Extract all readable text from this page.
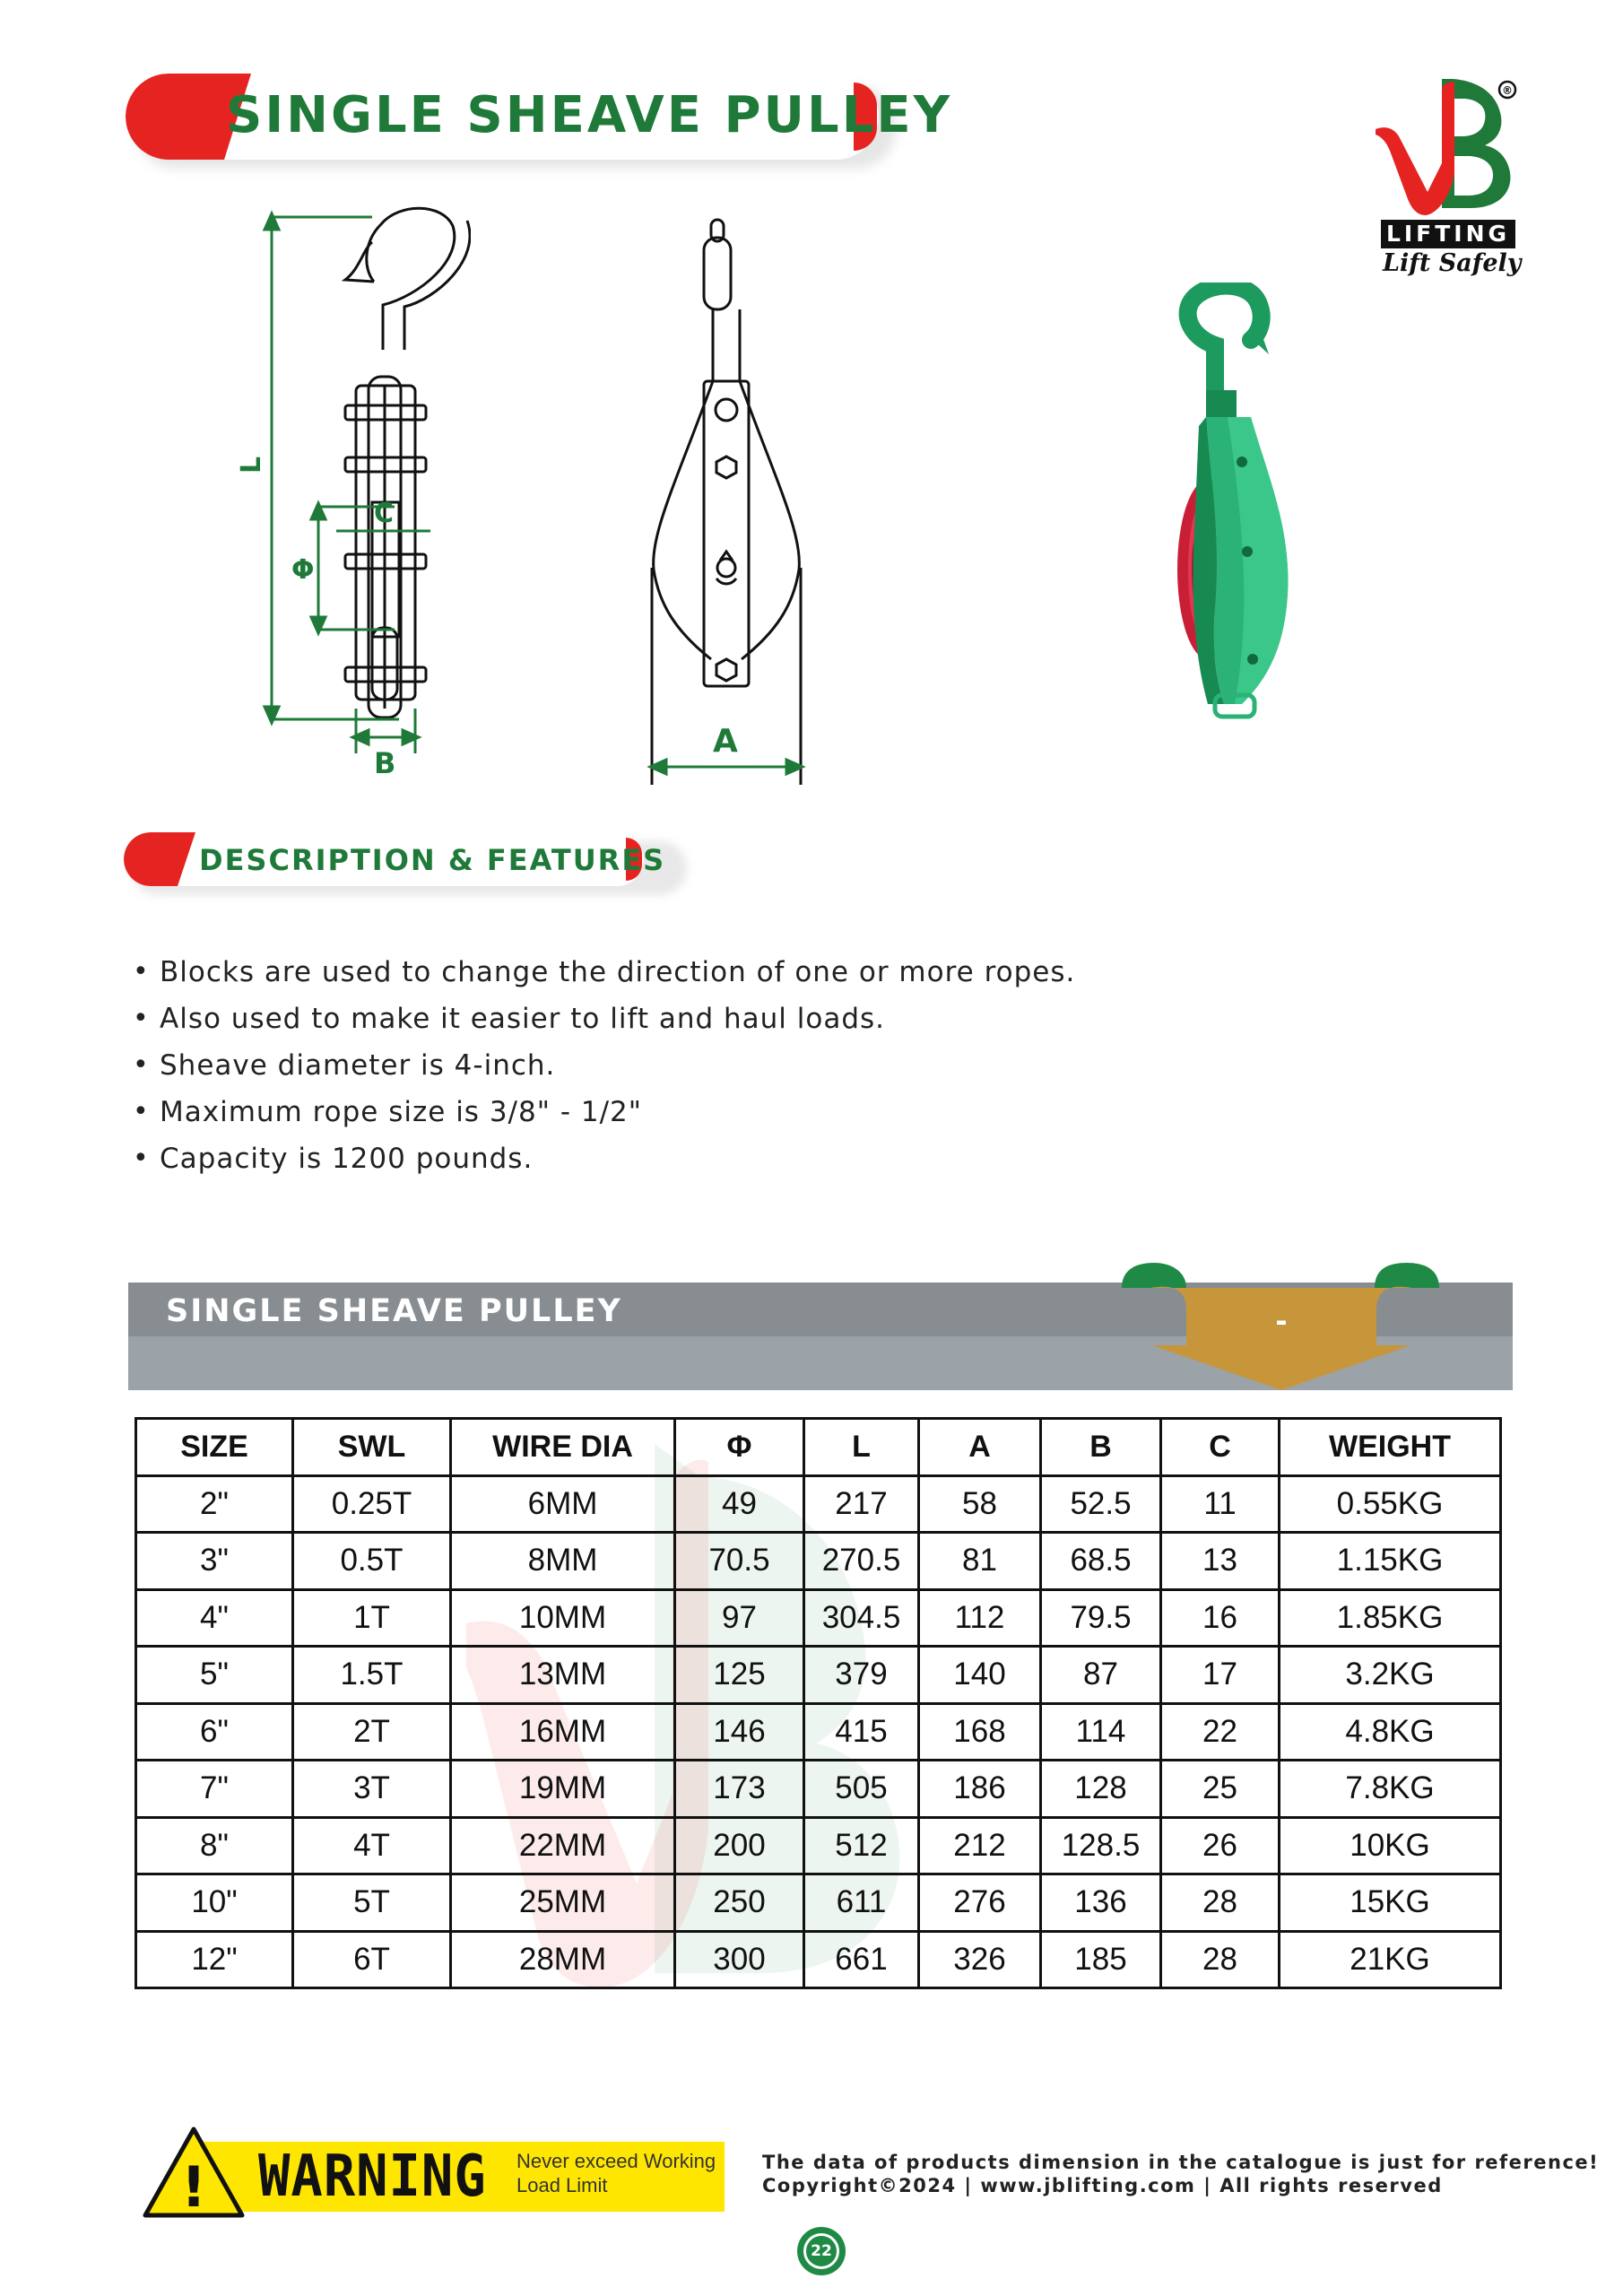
SINGLE SHEAVE PULLEY	®
LIFTING
Lift Safely
L
Φ
C
B
A
DESCRIPTION & FEATURES
• Blocks are used to change the direction of one or more ropes.
• Also used to make it easier to lift and haul loads.
• Sheave diameter is 4-inch.
• Maximum rope size is 3/8" - 1/2"
• Capacity is 1200 pounds.
SINGLE SHEAVE PULLEY	-
SIZE	SWL	WIRE DIA	Φ	L	A	B	C	WEIGHT
2"	0.25T	6MM	49	217	58	52.5	11	0.55KG
3"	0.5T	8MM	70.5	270.5	81	68.5	13	1.15KG
4"	1T	10MM	97	304.5	112	79.5	16	1.85KG
5"	1.5T	13MM	125	379	140	87	17	3.2KG
6"	2T	16MM	146	415	168	114	22	4.8KG
7"	3T	19MM	173	505	186	128	25	7.8KG
8"	4T	22MM	200	512	212	128.5	26	10KG
10"	5T	25MM	250	611	276	136	28	15KG
12"	6T	28MM	300	661	326	185	28	21KG
! WARNING Never exceed Working Load Limit
The data of products dimension in the catalogue is just for reference!
Copyright©2024 | www.jblifting.com | All rights reserved
22
